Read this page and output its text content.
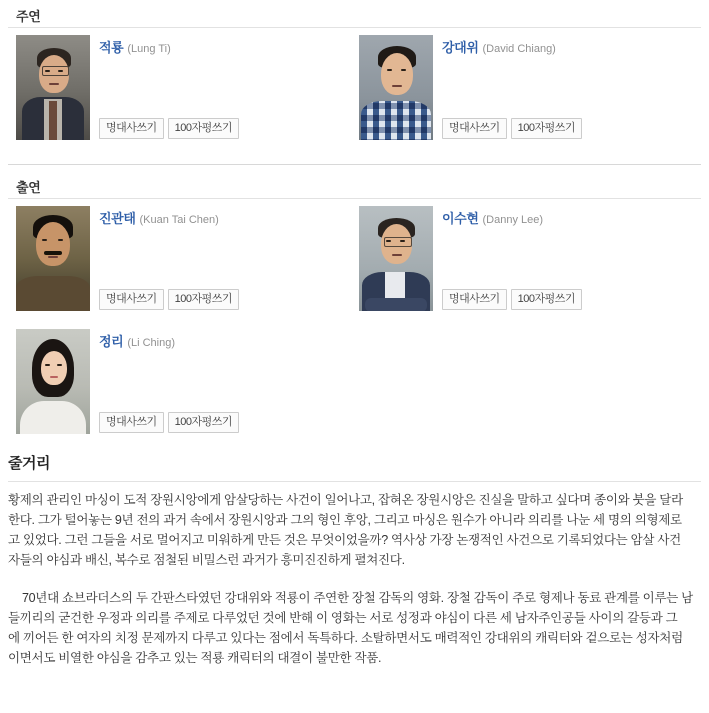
주연
적룡 (Lung Ti)
명대사쓰기	100자평쓰기
강대위 (David Chiang)
명대사쓰기	100자평쓰기
출연
진관태 (Kuan Tai Chen)
명대사쓰기	100자평쓰기
이수현 (Danny Lee)
명대사쓰기	100자평쓰기
정리 (Li Ching)
명대사쓰기	100자평쓰기
줄거리

황제의 관리인 마싱이 도적 장원시앙에게 암살당하는 사건이 일어나고, 잡혀온 장원시앙은 진실을 말하고 싶다며 종이와 붓을 달라

한다. 그가 털어놓는 9년 전의 과거 속에서 장원시앙과 그의 형인 후앙, 그리고 마싱은 원수가 아니라 의리를 나눈 세 명의 의형제로

고 있었다. 그런 그들을 서로 멀어지고 미워하게 만든 것은 무엇이었을까? 역사상 가장 논쟁적인 사건으로 기록되었다는 암살 사건

자들의 야심과 배신, 복수로 점철된 비밀스런 과거가 흥미진진하게 펼쳐진다.

70년대 쇼브라더스의 두 간판스타였던 강대위와 적룡이 주연한 장철 감독의 영화. 장철 감독이 주로 형제나 동료 관계를 이루는 남

들끼리의 굳건한 우정과 의리를 주제로 다루었던 것에 반해 이 영화는 서로 성정과 야심이 다른 세 남자주인공들 사이의 갈등과 그

에 끼어든 한 여자의 치정 문제까지 다루고 있다는 점에서 독특하다. 소탈하면서도 매력적인 강대위의 캐릭터와 겉으로는 성자처럼

이면서도 비열한 야심을 감추고 있는 적룡 캐릭터의 대결이 불만한 작품.
